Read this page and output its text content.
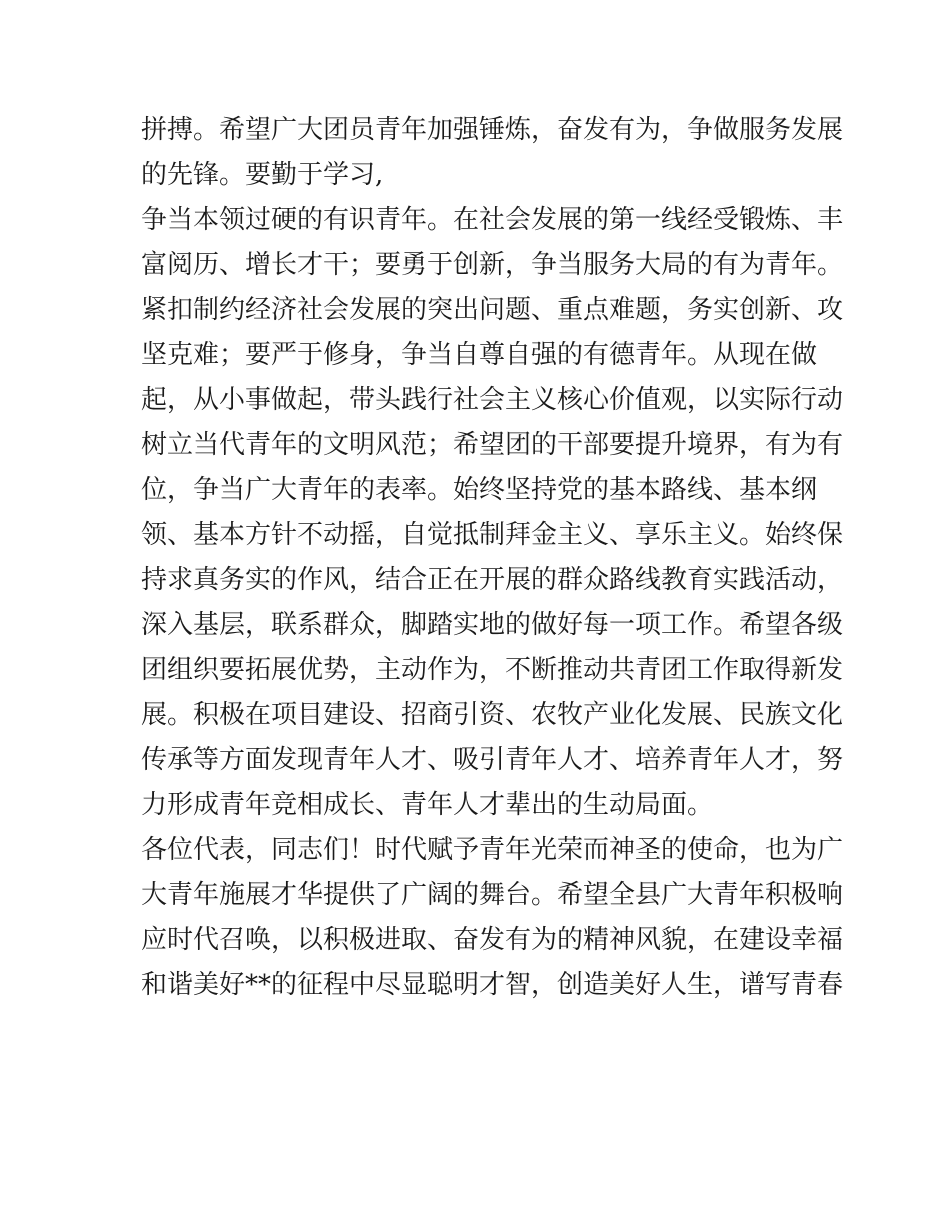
拼搏。希望广大团员青年加强锤炼，奋发有为，争做服务发展

的先锋。要勤于学习,

争当本领过硬的有识青年。在社会发展的第一线经受锻炼、丰

富阅历、增长才干；要勇于创新，争当服务大局的有为青年。

紧扣制约经济社会发展的突出问题、重点难题，务实创新、攻

坚克难；要严于修身，争当自尊自强的有德青年。从现在做

起，从小事做起，带头践行社会主义核心价值观，以实际行动

树立当代青年的文明风范；希望团的干部要提升境界，有为有

位，争当广大青年的表率。始终坚持党的基本路线、基本纲

领、基本方针不动摇，自觉抵制拜金主义、享乐主义。始终保

持求真务实的作风，结合正在开展的群众路线教育实践活动，

深入基层，联系群众，脚踏实地的做好每一项工作。希望各级

团组织要拓展优势，主动作为，不断推动共青团工作取得新发

展。积极在项目建设、招商引资、农牧产业化发展、民族文化

传承等方面发现青年人才、吸引青年人才、培养青年人才，努

力形成青年竞相成长、青年人才辈出的生动局面。

各位代表，同志们！时代赋予青年光荣而神圣的使命，也为广

大青年施展才华提供了广阔的舞台。希望全县广大青年积极响

应时代召唤，以积极进取、奋发有为的精神风貌，在建设幸福

和谐美好**的征程中尽显聪明才智，创造美好人生，谱写青春
